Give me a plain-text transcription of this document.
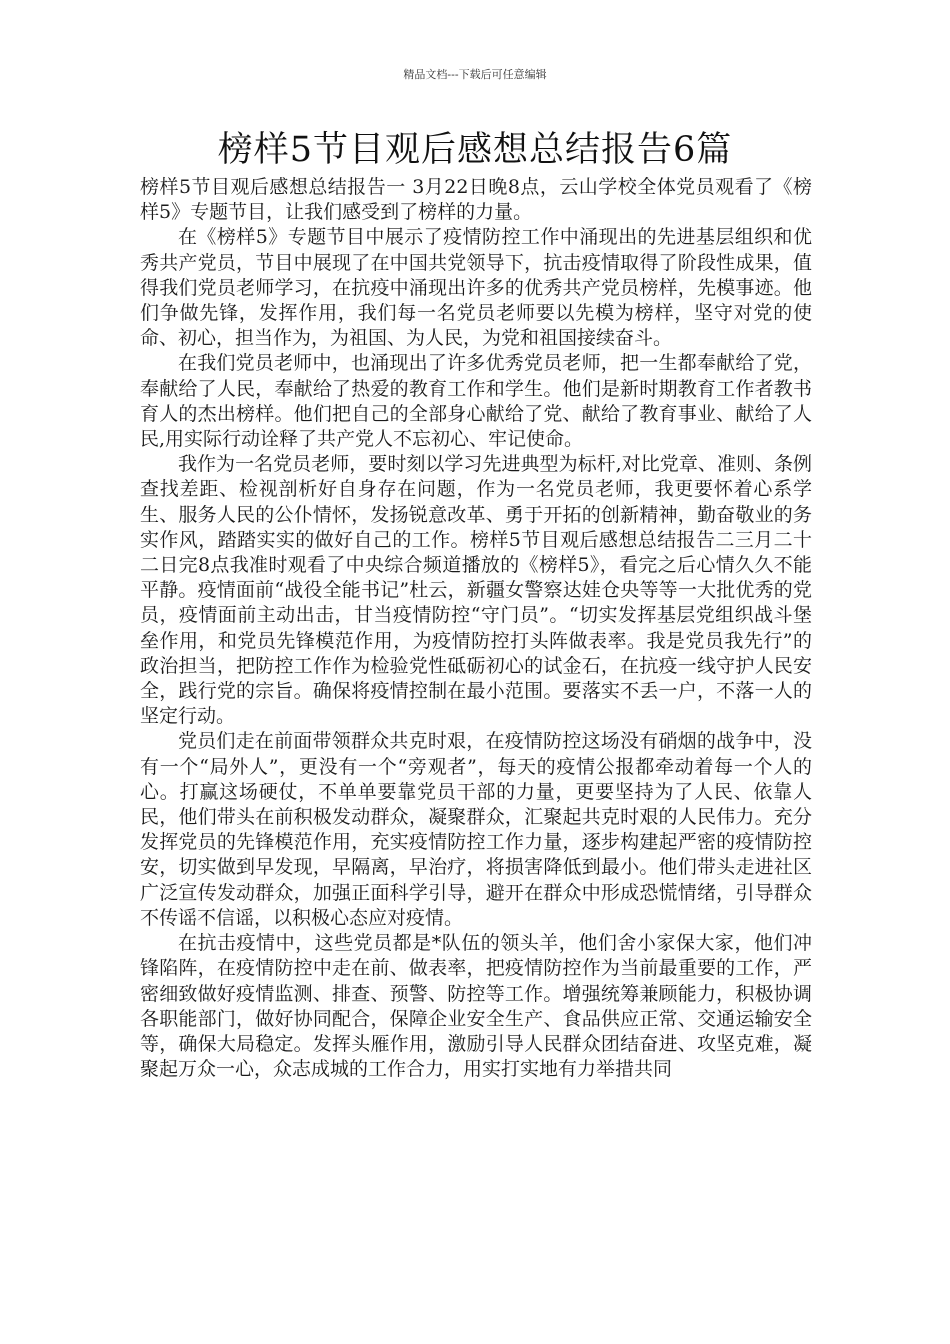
精品文档---下载后可任意编辑
榜样5节目观后感想总结报告6篇

榜样5节目观后感想总结报告一 3月22日晚8点，云山学校全体党员观看了《榜样5》专题节目，让我们感受到了榜样的力量。

在《榜样5》专题节目中展示了疫情防控工作中涌现出的先进基层组织和优秀共产党员，节目中展现了在中国共党领导下，抗击疫情取得了阶段性成果，值得我们党员老师学习，在抗疫中涌现出许多的优秀共产党员榜样，先模事迹。他们争做先锋，发挥作用，我们每一名党员老师要以先模为榜样，坚守对党的使命、初心，担当作为，为祖国、为人民，为党和祖国接续奋斗。

在我们党员老师中，也涌现出了许多优秀党员老师，把一生都奉献给了党，奉献给了人民，奉献给了热爱的教育工作和学生。他们是新时期教育工作者教书育人的杰出榜样。他们把自己的全部身心献给了党、献给了教育事业、献给了人民,用实际行动诠释了共产党人不忘初心、牢记使命。

我作为一名党员老师，要时刻以学习先进典型为标杆,对比党章、准则、条例查找差距、检视剖析好自身存在问题，作为一名党员老师，我更要怀着心系学生、服务人民的公仆情怀，发扬锐意改革、勇于开拓的创新精神，勤奋敬业的务实作风，踏踏实实的做好自己的工作。榜样5节目观后感想总结报告二三月二十二日完8点我准时观看了中央综合频道播放的《榜样5》，看完之后心情久久不能平静。疫情面前“战役全能书记”杜云，新疆女警察达娃仓央等等一大批优秀的党员，疫情面前主动出击，甘当疫情防控“守门员”。“切实发挥基层党组织战斗堡垒作用，和党员先锋模范作用，为疫情防控打头阵做表率。我是党员我先行”的政治担当，把防控工作作为检验党性砥砺初心的试金石，在抗疫一线守护人民安全，践行党的宗旨。确保将疫情控制在最小范围。要落实不丢一户，不落一人的坚定行动。

党员们走在前面带领群众共克时艰，在疫情防控这场没有硝烟的战争中，没有一个“局外人”，更没有一个“旁观者”，每天的疫情公报都牵动着每一个人的心。打赢这场硬仗，不单单要靠党员干部的力量，更要坚持为了人民、依靠人民，他们带头在前积极发动群众，凝聚群众，汇聚起共克时艰的人民伟力。充分发挥党员的先锋模范作用，充实疫情防控工作力量，逐步构建起严密的疫情防控安，切实做到早发现，早隔离，早治疗，将损害降低到最小。他们带头走进社区广泛宣传发动群众，加强正面科学引导，避开在群众中形成恐慌情绪，引导群众不传谣不信谣，以积极心态应对疫情。

在抗击疫情中，这些党员都是*队伍的领头羊，他们舍小家保大家，他们冲锋陷阵，在疫情防控中走在前、做表率，把疫情防控作为当前最重要的工作，严密细致做好疫情监测、排查、预警、防控等工作。增强统筹兼顾能力，积极协调各职能部门，做好协同配合，保障企业安全生产、食品供应正常、交通运输安全等，确保大局稳定。发挥头雁作用，激励引导人民群众团结奋进、攻坚克难，凝聚起万众一心，众志成城的工作合力，用实打实地有力举措共同
